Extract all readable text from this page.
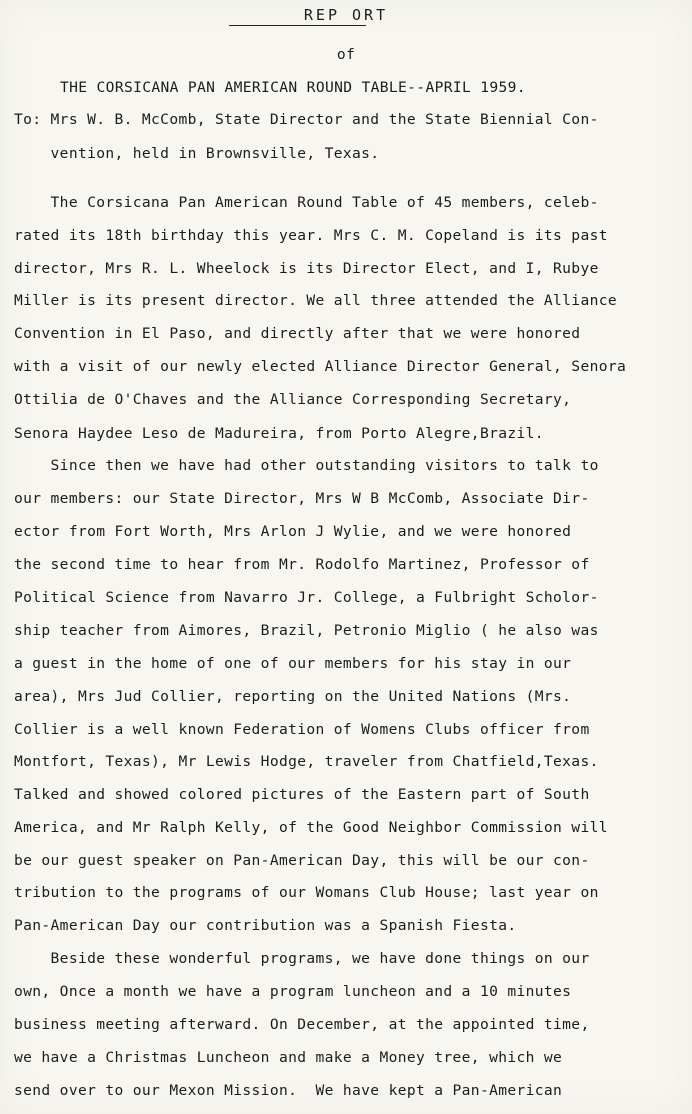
REP ORT
of
THE CORSICANA PAN AMERICAN ROUND TABLE--APRIL 1959.
To: Mrs W. B. McComb, State Director and the State Biennial Con-
vention, held in Brownsville, Texas.
The Corsicana Pan American Round Table of 45 members, celeb-
rated its 18th birthday this year. Mrs C. M. Copeland is its past
director, Mrs R. L. Wheelock is its Director Elect, and I, Rubye
Miller is its present director. We all three attended the Alliance
Convention in El Paso, and directly after that we were honored
with a visit of our newly elected Alliance Director General, Senora
Ottilia de O'Chaves and the Alliance Corresponding Secretary,
Senora Haydee Leso de Madureira, from Porto Alegre,Brazil.
Since then we have had other outstanding visitors to talk to
our members: our State Director, Mrs W B McComb, Associate Dir-
ector from Fort Worth, Mrs Arlon J Wylie, and we were honored
the second time to hear from Mr. Rodolfo Martinez, Professor of
Political Science from Navarro Jr. College, a Fulbright Scholor-
ship teacher from Aimores, Brazil, Petronio Miglio ( he also was
a guest in the home of one of our members for his stay in our
area), Mrs Jud Collier, reporting on the United Nations (Mrs.
Collier is a well known Federation of Womens Clubs officer from
Montfort, Texas), Mr Lewis Hodge, traveler from Chatfield,Texas.
Talked and showed colored pictures of the Eastern part of South
America, and Mr Ralph Kelly, of the Good Neighbor Commission will
be our guest speaker on Pan-American Day, this will be our con-
tribution to the programs of our Womans Club House; last year on
Pan-American Day our contribution was a Spanish Fiesta.
Beside these wonderful programs, we have done things on our
own, Once a month we have a program luncheon and a 10 minutes
business meeting afterward. On December, at the appointed time,
we have a Christmas Luncheon and make a Money tree, which we
send over to our Mexon Mission.  We have kept a Pan-American
